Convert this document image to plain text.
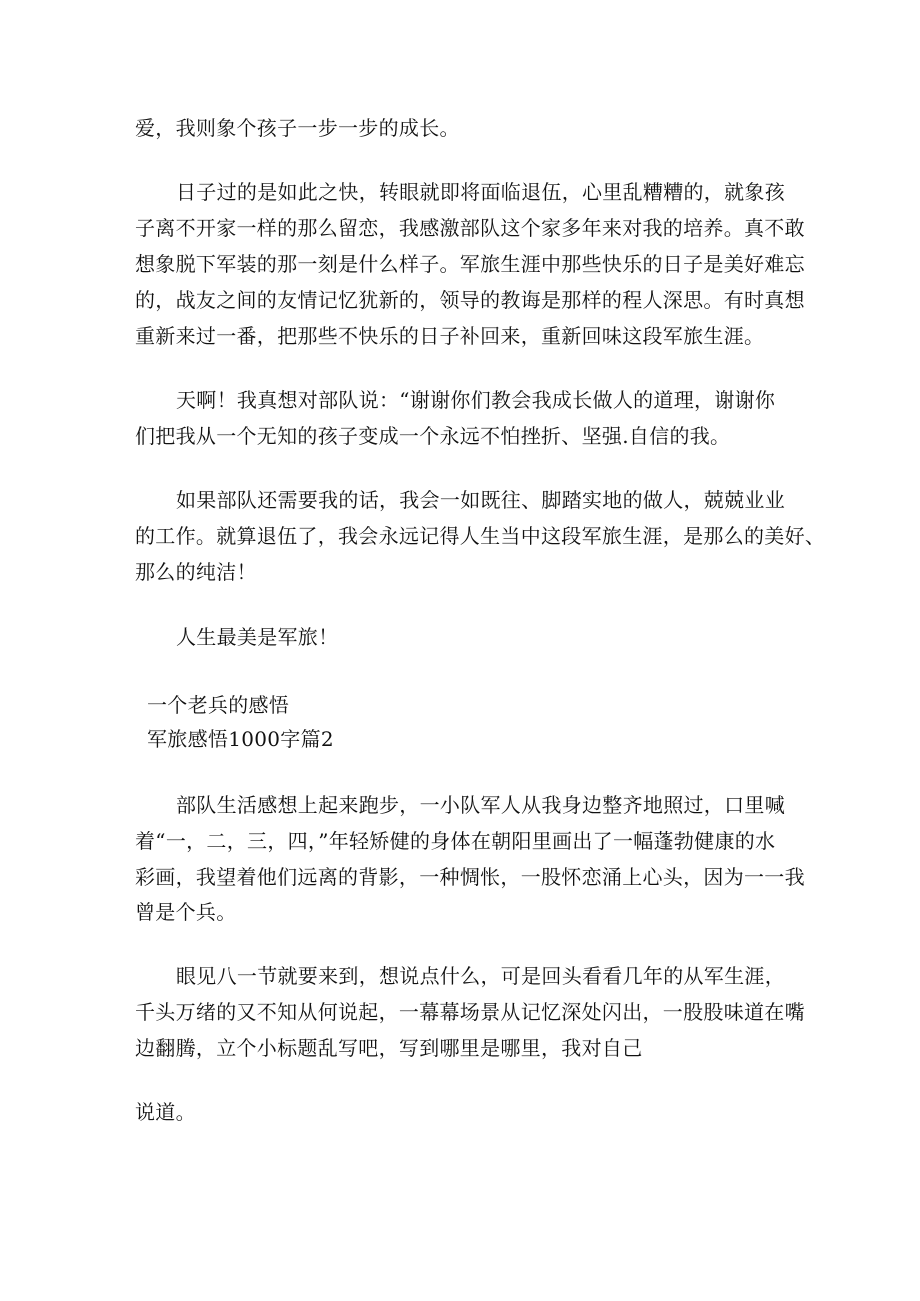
爱，我则象个孩子一步一步的成长。
日子过的是如此之快，转眼就即将面临退伍，心里乱糟糟的，就象孩
子离不开家一样的那么留恋，我感激部队这个家多年来对我的培养。真不敢
想象脱下军装的那一刻是什么样子。军旅生涯中那些快乐的日子是美好难忘
的，战友之间的友情记忆犹新的，领导的教诲是那样的程人深思。有时真想
重新来过一番，把那些不快乐的日子补回来，重新回味这段军旅生涯。
天啊！我真想对部队说：“谢谢你们教会我成长做人的道理，谢谢你
们把我从一个无知的孩子变成一个永远不怕挫折、坚强.自信的我。
如果部队还需要我的话，我会一如既往、脚踏实地的做人，兢兢业业
的工作。就算退伍了，我会永远记得人生当中这段军旅生涯，是那么的美好、
那么的纯洁！
人生最美是军旅！
一个老兵的感悟
军旅感悟1000字篇2
部队生活感想上起来跑步，一小队军人从我身边整齐地照过，口里喊
着“一，二，三，四，”年轻矫健的身体在朝阳里画出了一幅蓬勃健康的水
彩画，我望着他们远离的背影，一种惆怅，一股怀恋涌上心头，因为一一我
曾是个兵。
眼见八一节就要来到，想说点什么，可是回头看看几年的从军生涯，
千头万绪的又不知从何说起，一幕幕场景从记忆深处闪出，一股股味道在嘴
边翻腾，立个小标题乱写吧，写到哪里是哪里，我对自己
说道。
